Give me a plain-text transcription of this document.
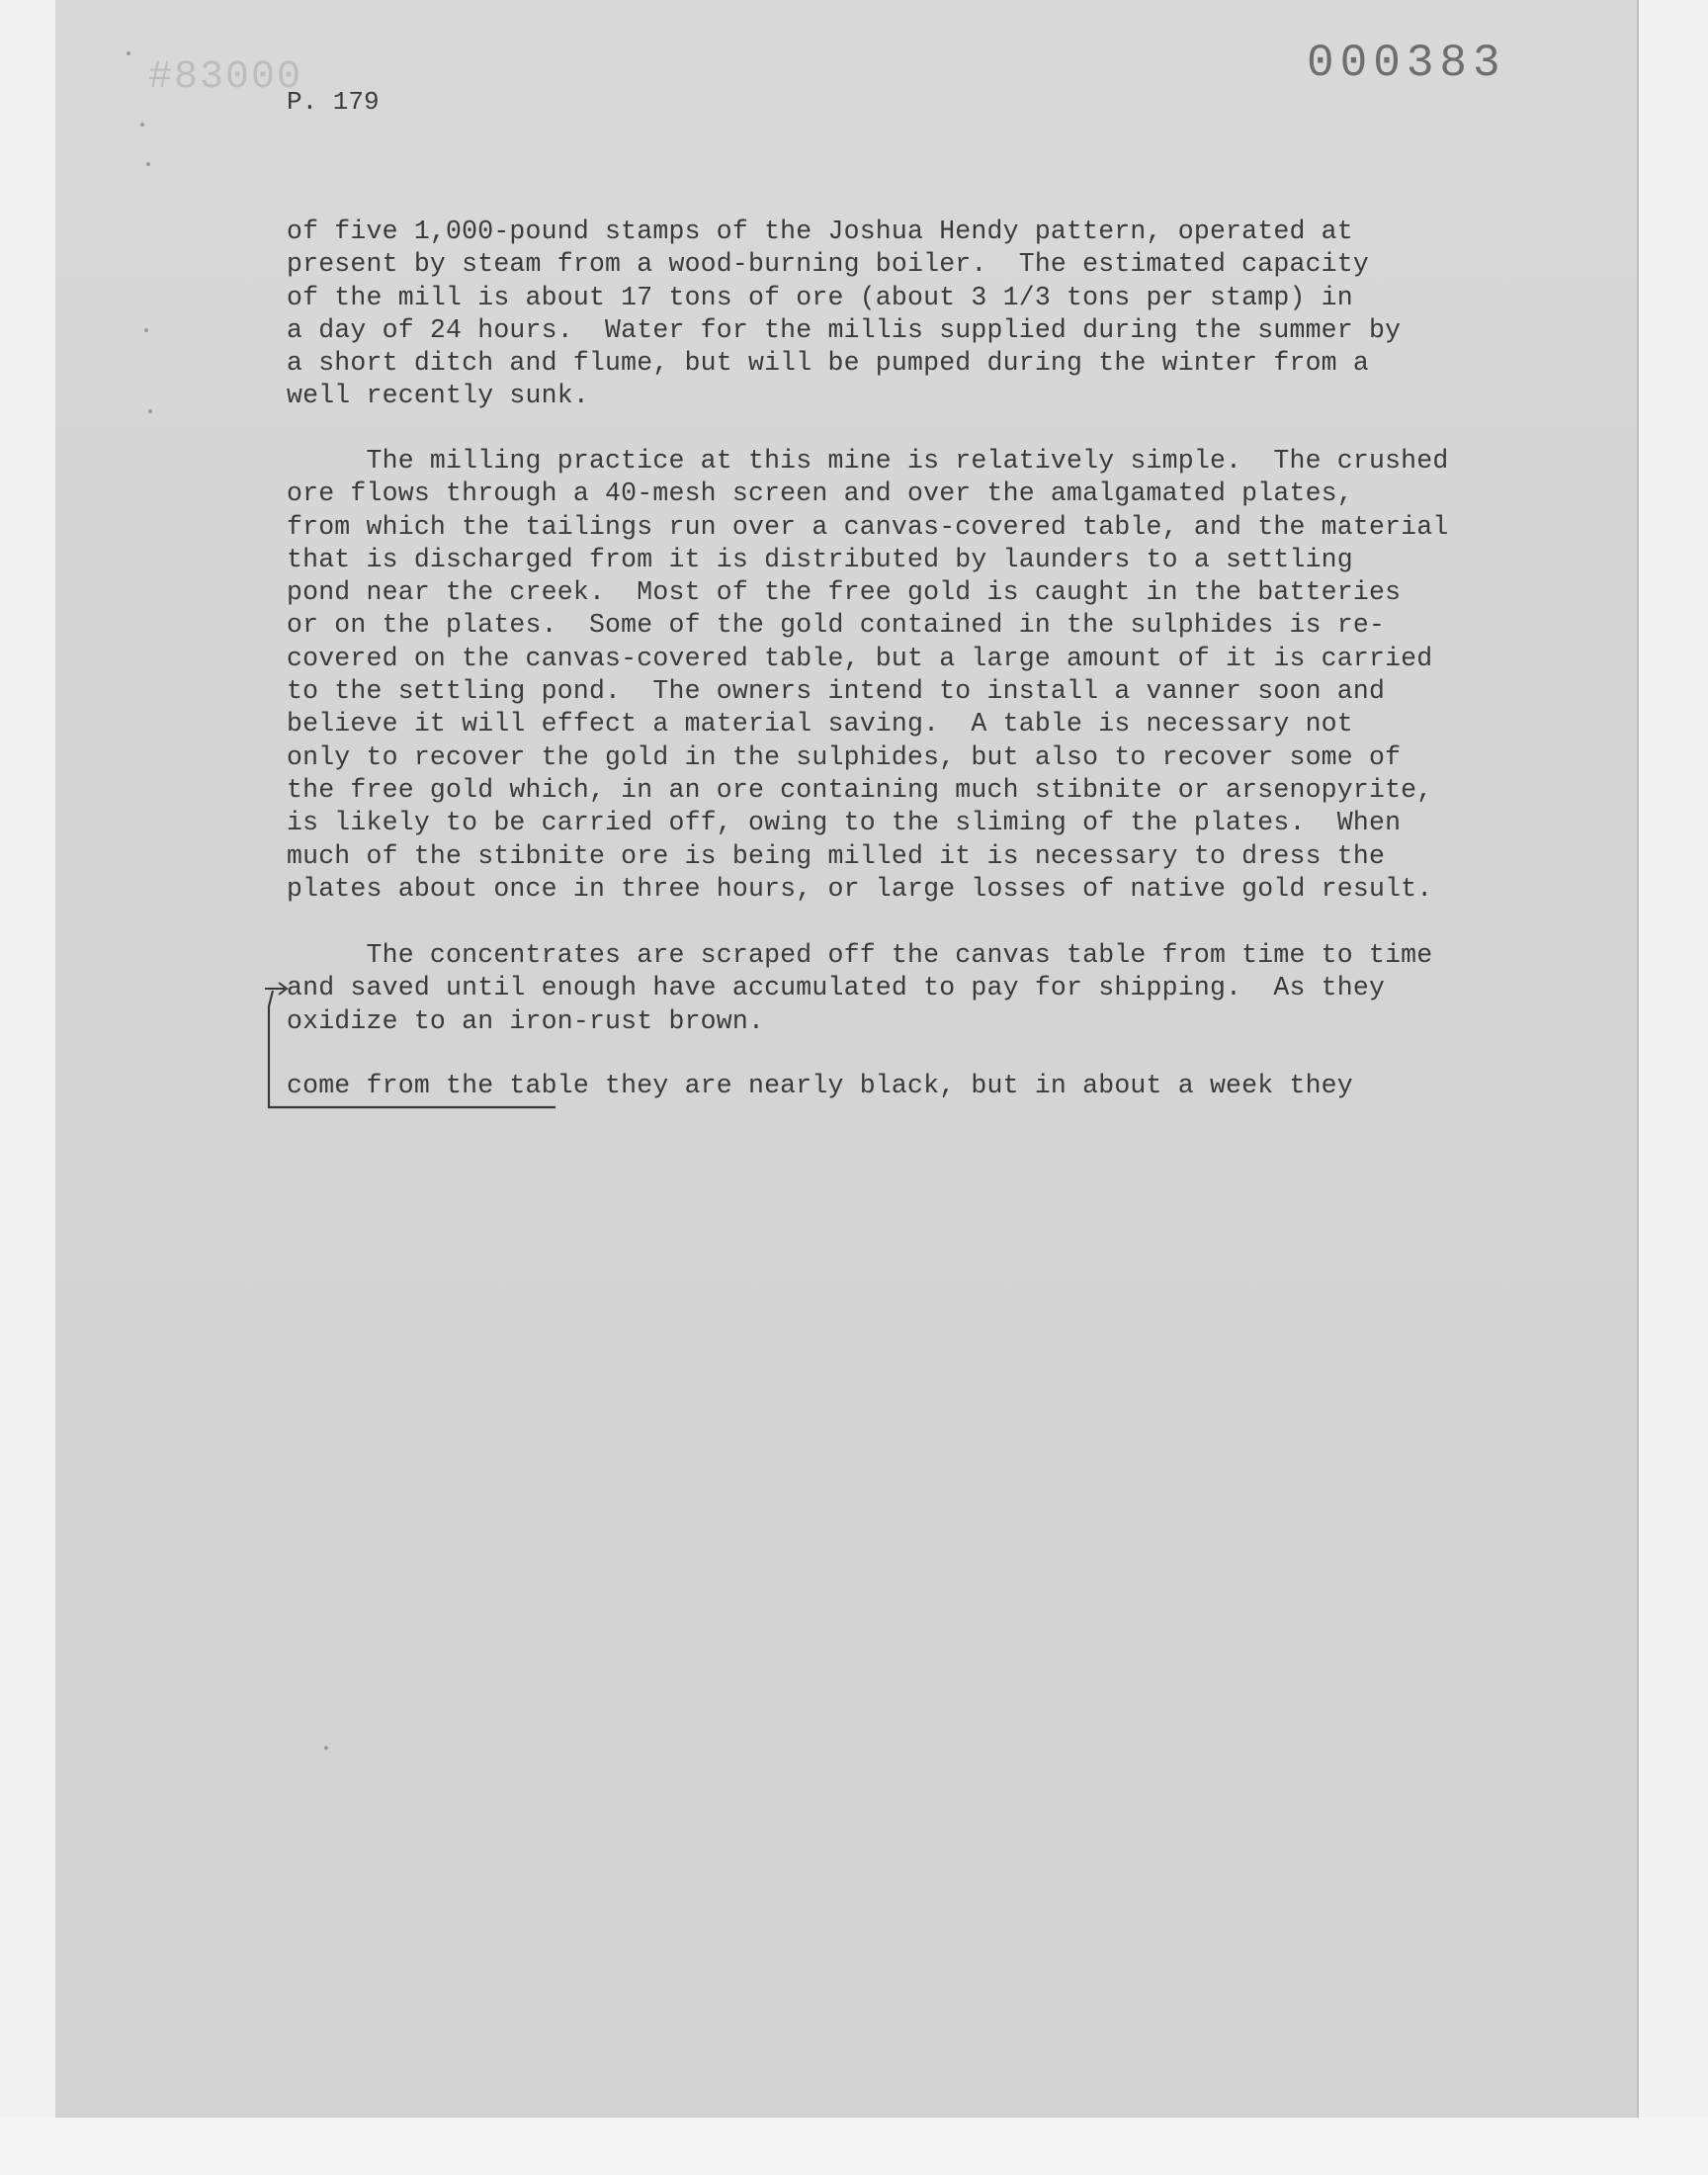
#83000	000383
P. 179
of five 1,000-pound stamps of the Joshua Hendy pattern, operated at
present by steam from a wood-burning boiler.  The estimated capacity
of the mill is about 17 tons of ore (about 3 1/3 tons per stamp) in
a day of 24 hours.  Water for the millis supplied during the summer by
a short ditch and flume, but will be pumped during the winter from a
well recently sunk.
The milling practice at this mine is relatively simple.  The crushed
ore flows through a 40-mesh screen and over the amalgamated plates,
from which the tailings run over a canvas-covered table, and the material
that is discharged from it is distributed by launders to a settling
pond near the creek.  Most of the free gold is caught in the batteries
or on the plates.  Some of the gold contained in the sulphides is re-
covered on the canvas-covered table, but a large amount of it is carried
to the settling pond.  The owners intend to install a vanner soon and
believe it will effect a material saving.  A table is necessary not
only to recover the gold in the sulphides, but also to recover some of
the free gold which, in an ore containing much stibnite or arsenopyrite,
is likely to be carried off, owing to the sliming of the plates.  When
much of the stibnite ore is being milled it is necessary to dress the
plates about once in three hours, or large losses of native gold result.
The concentrates are scraped off the canvas table from time to time
and saved until enough have accumulated to pay for shipping.  As they
oxidize to an iron-rust brown.
come from the table they are nearly black, but in about a week they
